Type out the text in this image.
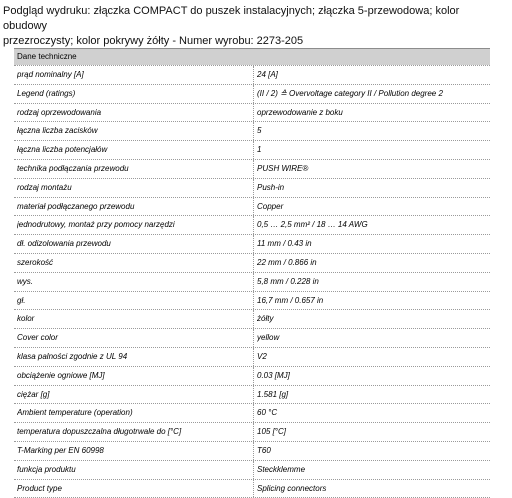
Podgląd wydruku: złączka COMPACT do puszek instalacyjnych; złączka 5-przewodowa; kolor obudowy
przezroczysty; kolor pokrywy żółty - Numer wyrobu: 2273-205
Dane techniczne
prąd nominalny [A]	24 [A]
Legend (ratings)	(II / 2) ≙ Overvoltage category II / Pollution degree 2
rodzaj oprzewodowania	oprzewodowanie z boku
łączna liczba zacisków	5
łączna liczba potencjałów	1
technika podłączania przewodu	PUSH WIRE®
rodzaj montażu	Push-in
materiał podłączanego przewodu	Copper
jednodrutowy, montaż przy pomocy narzędzi	0,5 … 2,5 mm² / 18 … 14 AWG
dł. odizolowania przewodu	11 mm / 0.43 in
szerokość	22 mm / 0.866 in
wys.	5,8 mm / 0.228 in
gł.	16,7 mm / 0.657 in
kolor	żółty
Cover color	yellow
klasa palności zgodnie z UL 94	V2
obciążenie ogniowe [MJ]	0.03 [MJ]
ciężar [g]	1.581 [g]
Ambient temperature (operation)	60 °C
temperatura dopuszczalna długotrwale do [°C]	105 [°C]
T-Marking per EN 60998	T60
funkcja produktu	Steckklemme
Product type	Splicing connectors
